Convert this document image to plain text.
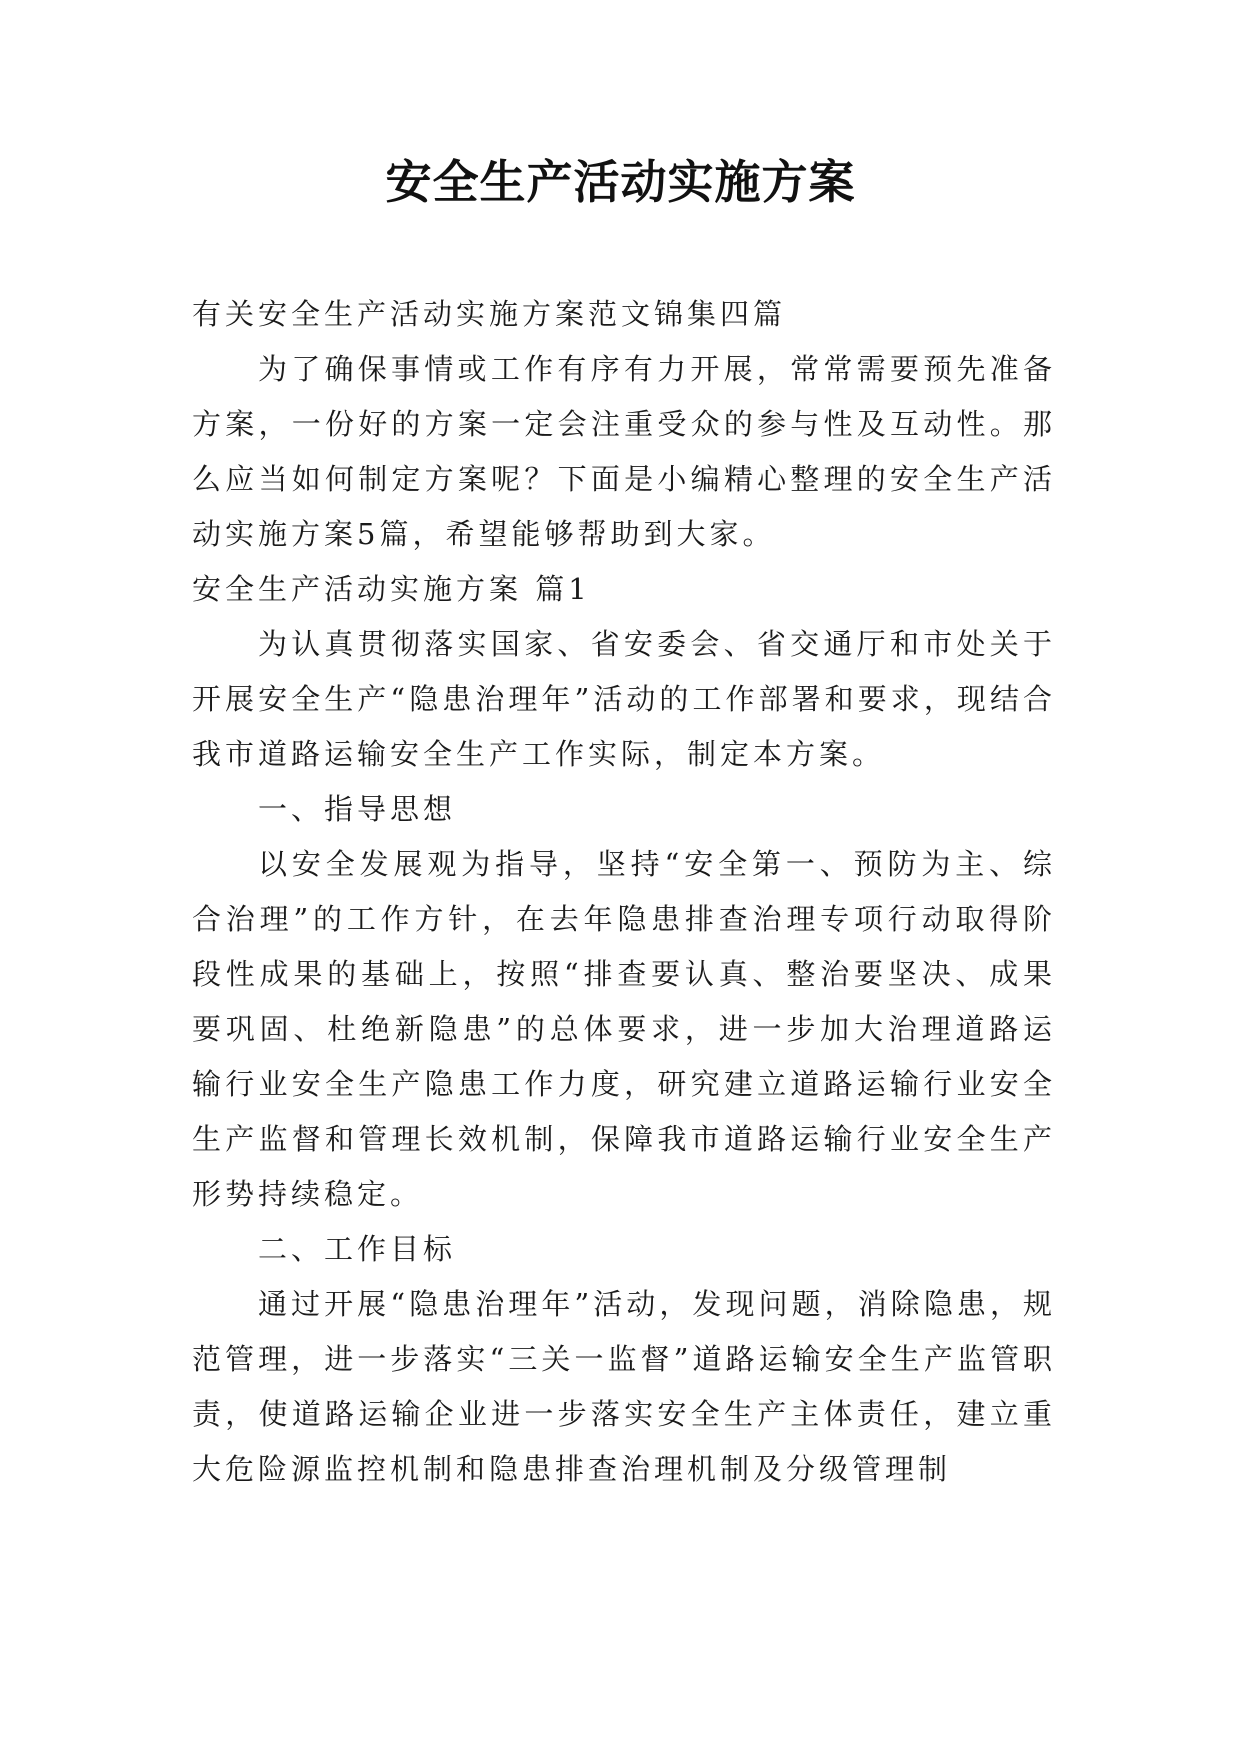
安全生产活动实施方案

有关安全生产活动实施方案范文锦集四篇

为了确保事情或工作有序有力开展，常常需要预先准备方案，一份好的方案一定会注重受众的参与性及互动性。那么应当如何制定方案呢？下面是小编精心整理的安全生产活动实施方案5篇，希望能够帮助到大家。

安全生产活动实施方案 篇1

为认真贯彻落实国家、省安委会、省交通厅和市处关于开展安全生产“隐患治理年”活动的工作部署和要求，现结合我市道路运输安全生产工作实际，制定本方案。

一、指导思想

以安全发展观为指导，坚持“安全第一、预防为主、综合治理”的工作方针，在去年隐患排查治理专项行动取得阶段性成果的基础上，按照“排查要认真、整治要坚决、成果要巩固、杜绝新隐患”的总体要求，进一步加大治理道路运输行业安全生产隐患工作力度，研究建立道路运输行业安全生产监督和管理长效机制，保障我市道路运输行业安全生产形势持续稳定。

二、工作目标

通过开展“隐患治理年”活动，发现问题，消除隐患，规范管理，进一步落实“三关一监督”道路运输安全生产监管职责，使道路运输企业进一步落实安全生产主体责任，建立重大危险源监控机制和隐患排查治理机制及分级管理制
